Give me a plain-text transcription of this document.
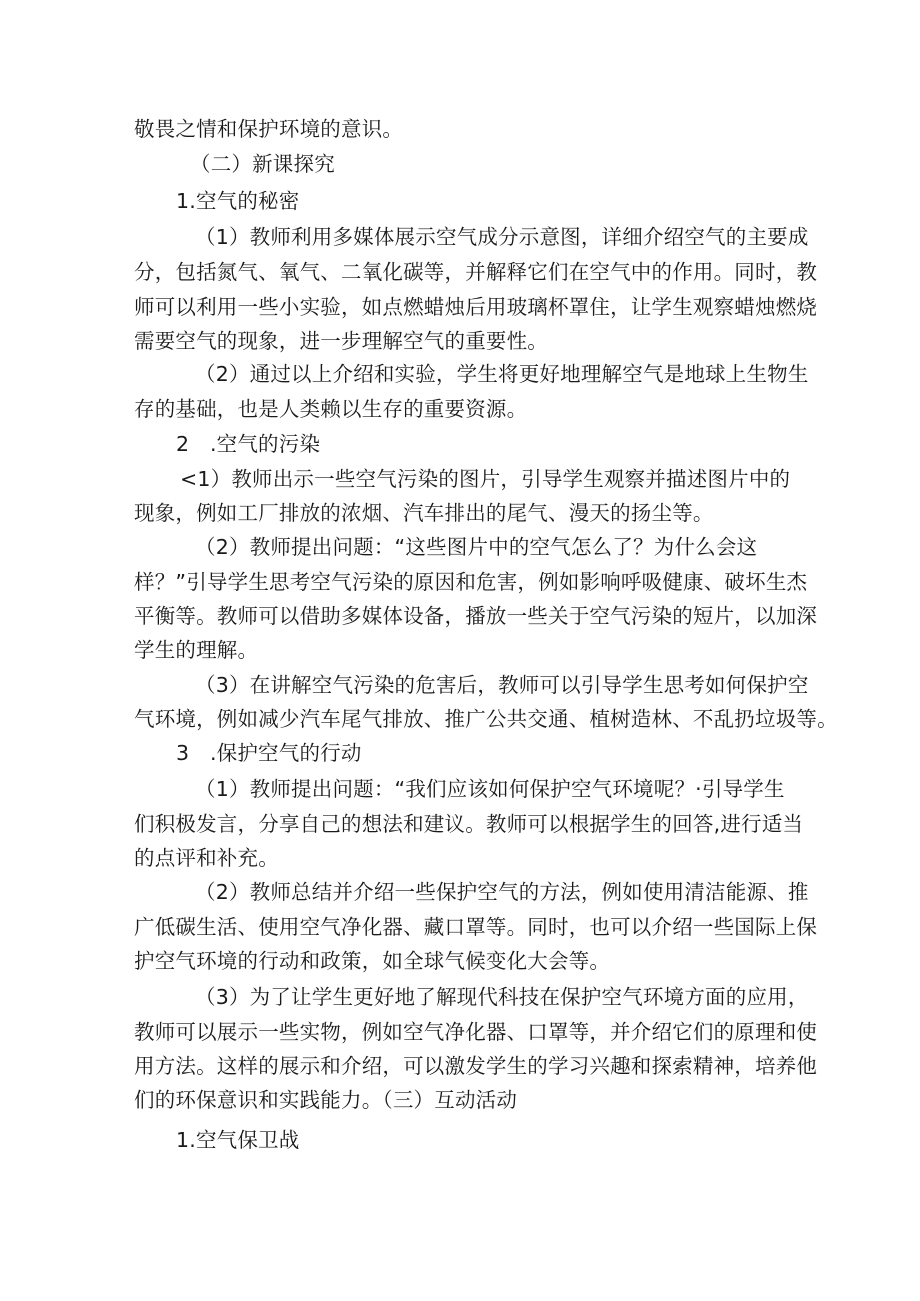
敬畏之情和保护环境的意识。
（二）新课探究
1.空气的秘密
（1）教师利用多媒体展示空气成分示意图，详细介绍空气的主要成
分，包括氮气、氧气、二氧化碳等，并解释它们在空气中的作用。同时，教
师可以利用一些小实验，如点燃蜡烛后用玻璃杯罩住，让学生观察蜡烛燃烧
需要空气的现象，进一步理解空气的重要性。
（2）通过以上介绍和实验，学生将更好地理解空气是地球上生物生
存的基础，也是人类赖以生存的重要资源。
2　.空气的污染
<1）教师出示一些空气污染的图片，引导学生观察并描述图片中的
现象，例如工厂排放的浓烟、汽车排出的尾气、漫天的扬尘等。
（2）教师提出问题：“这些图片中的空气怎么了？为什么会这
样？”引导学生思考空气污染的原因和危害，例如影响呼吸健康、破坏生杰
平衡等。教师可以借助多媒体设备，播放一些关于空气污染的短片，以加深
学生的理解。
（3）在讲解空气污染的危害后，教师可以引导学生思考如何保护空
气环境，例如减少汽车尾气排放、推广公共交通、植树造林、不乱扔垃圾等。
3　.保护空气的行动
（1）教师提出问题：“我们应该如何保护空气环境呢？·引导学生
们积极发言，分享自己的想法和建议。教师可以根据学生的回答,进行适当
的点评和补充。
（2）教师总结并介绍一些保护空气的方法，例如使用清洁能源、推
广低碳生活、使用空气净化器、藏口罩等。同时，也可以介绍一些国际上保
护空气环境的行动和政策，如全球气候变化大会等。
（3）为了让学生更好地了解现代科技在保护空气环境方面的应用，
教师可以展示一些实物，例如空气净化器、口罩等，并介绍它们的原理和使
用方法。这样的展示和介绍，可以激发学生的学习兴趣和探索精神，培养他
们的环保意识和实践能力。（三）互动活动
1.空气保卫战
